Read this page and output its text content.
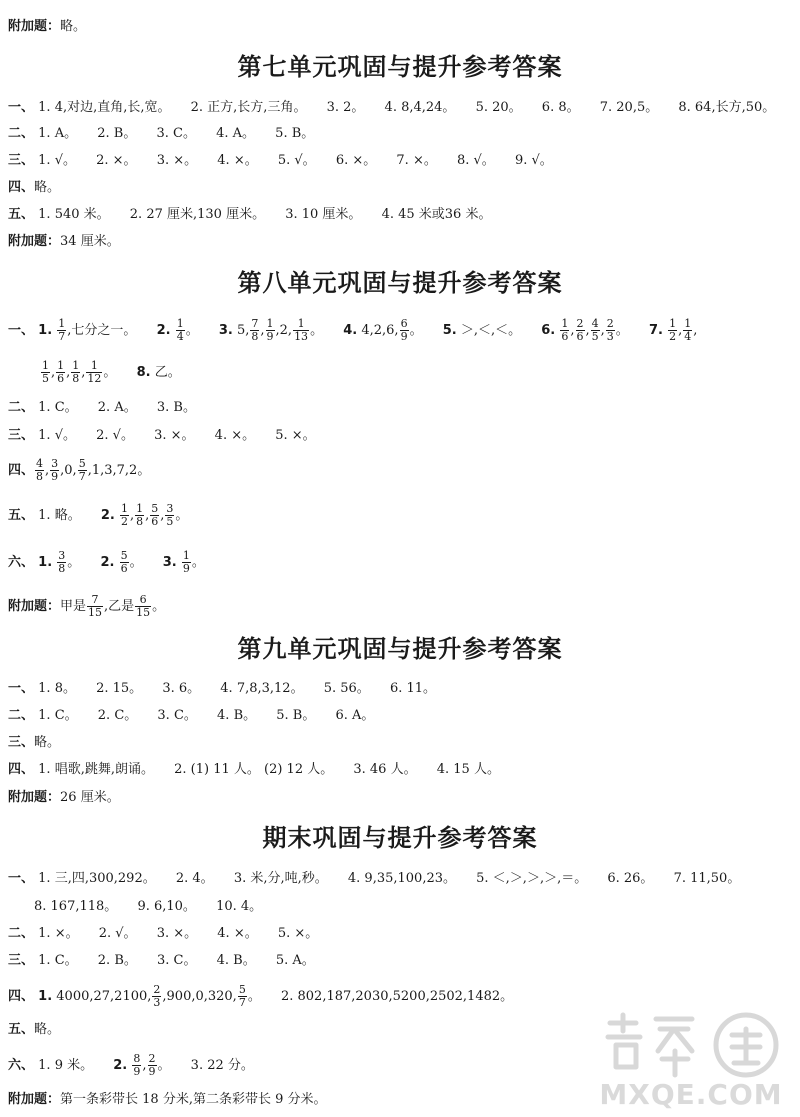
附加题：略。
第七单元巩固与提升参考答案
一、 1. 4,对边,直角,长,宽。 2. 正方,长方,三角。 3. 2。 4. 8,4,24。 5. 20。 6. 8。 7. 20,5。 8. 64,长方,50。
二、 1. A。 2. B。 3. C。 4. A。 5. B。
三、 1. √。 2. ×。 3. ×。 4. ×。 5. √。 6. ×。 7. ×。 8. √。 9. √。
四、略。
五、 1. 540 米。 2. 27 厘米,130 厘米。 3. 10 厘米。 4. 45 米或36 米。
附加题：34 厘米。
第八单元巩固与提升参考答案
一、 1. $\frac{1}{7}$ ,七分之一。 2. $\frac{1}{4}$ 。 3. 5, $\frac{7}{8}$ , $\frac{1}{9} ,2$, $\frac{1}{13}$ 。 4. 4,2,6, $\frac{6}{9}$ 。 5. ＞,＜,＜。 6. $\frac{1}{6}$ , $\frac{2}{6}$ , $\frac{4}{5}$ , $\frac{2}{3}$ 。 7. $\frac{1}{2}$ , $\frac{1}{4}$ ,
$\frac{1}{5}$ , $\frac{1}{6}$ , $\frac{1}{8}$ , $\frac{1}{12}$ 。 8. 乙。
二、 1. C。 2. A。 3. B。
三、 1. √。 2. √。 3. ×。 4. ×。 5. ×。
四、 $\frac{4}{8}$ , $\frac{3}{9} ,0$, $\frac{5}{7} ,1,3,7,2$。
五、 1. 略。 2. $\frac{1}{2}$ , $\frac{1}{8}$ , $\frac{5}{6}$ , $\frac{3}{5}$ 。
六、 1. $\frac{3}{8}$ 。 2. $\frac{5}{6}$ 。 3. $\frac{1}{9}$ 。
附加题：甲是 $\frac{7}{15}$ ,乙是 $\frac{6}{15}$ 。
第九单元巩固与提升参考答案
一、 1. 8。 2. 15。 3. 6。 4. 7,8,3,12。 5. 56。 6. 11。
二、 1. C。 2. C。 3. C。 4. B。 5. B。 6. A。
三、略。
四、 1. 唱歌,跳舞,朗诵。 2. (1) 11 人。 (2) 12 人。 3. 46 人。 4. 15 人。
附加题：26 厘米。
期末巩固与提升参考答案
一、 1. 三,四,300,292。 2. 4。 3. 米,分,吨,秒。 4. 9,35,100,23。 5. ＜,＞,＞,＞,＝。 6. 26。 7. 11,50。
8. 167,118。 9. 6,10。 10. 4。
二、 1. ×。 2. √。 3. ×。 4. ×。 5. ×。
三、 1. C。 2. B。 3. C。 4. B。 5. A。
四、 1. 4000,27,2100, $\frac{2}{3} ,900,0,320$, $\frac{5}{7}$ 。 2. 802,187,2030,5200,2502,1482。
五、略。
六、 1. 9 米。 2. $\frac{8}{9}$ , $\frac{2}{9}$ 。 3. 22 分。
附加题：第一条彩带长 18 分米,第二条彩带长 9 分米。	MXQE.COM
